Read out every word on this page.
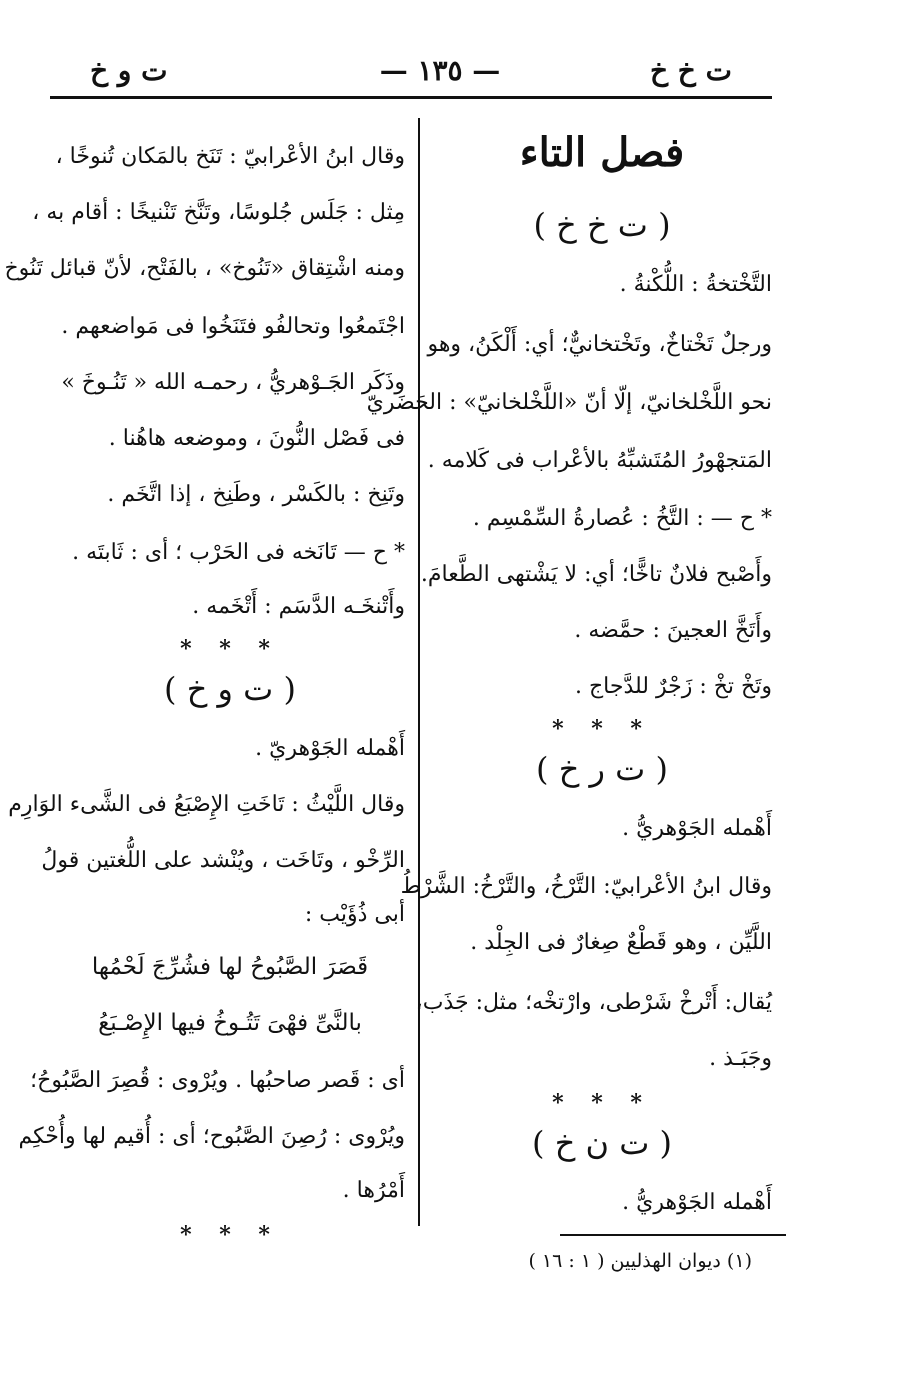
ت خ خ
— ١٣٥ —
ت و خ
فصل التاء
( ت خ خ )
التَّخْتخةُ : اللُّكْنةُ .
ورجلٌ تَخْتاخٌ، وتَخْتخانيٌّ؛ أي: أَلْكَنُ، وهو
نحو اللَّخْلخانيّ، إلّا أنّ «اللَّخْلخانيّ» : الحَضَريّ
المَتجهْورُ المُتَشبِّهُ بالأعْراب فى كَلامه .
* ح — : التَّخُ : عُصارةُ السِّمْسِم .
وأَصْبح فلانٌ تاخًّا؛ أي: لا يَشْتهى الطَّعامَ.
وأَتَخَّ العجينَ : حمَّضه .
وتَخْ تخْ : زَجْرٌ للدَّجاج .
* * *
( ت ر خ )
أَهْمله الجَوْهريُّ .
وقال ابنُ الأعْرابيّ: التَّرْخُ، والتَّرْخُ: الشَّرْطُ
اللَّيِّن ، وهو قَطْعٌ صِغارٌ فى الجِلْد .
يُقال: أَتْرخْ شَرْطى، وارْتخْه؛ مثل: جَذَب،
وجَبَـذ .
* * *
( ت ن خ )
أَهْمله الجَوْهريُّ .
وقال ابنُ الأعْرابيّ : تَنَخ بالمَكان تُنوخًا ،
مِثل : جَلَس جُلوسًا، وتَنَّخ تَنْنيخًا : أقام به ،
ومنه اشْتِقاق «تَنُوخ» ، بالفَتْح، لأنّ قبائل تَنُوخ
اجْتَمعُوا وتحالفُو فتَنَخُوا فى مَواضعهم .
وذَكَر الجَـوْهريُّ ، رحمـه الله « تَنُـوخَ »
فى فَصْل النُّونَ ، وموضعه هاهُنا .
وتَنِخ : بالكَسْر ، وطَنِخ ، إذا اتَّخَم .
* ح — تَانَخه فى الحَرْب ؛ أى : ثَابتَه .
وأَتْنخَـه الدَّسَم : أَتْخَمه .
* * *
( ت و خ )
أَهْمله الجَوْهريّ .
وقال اللَّيْثُ : تَاخَتِ الإِصْبَعُ فى الشَّىء الوَارِم
الرِّخْو ، وتَاخَت ، ويُنْشد على اللُّغتين قولُ
أبى ذُؤَيْب :
قَصَرَ الصَّبُوحُ لها فشُرِّجَ لَحْمُها
بالنَّىِّ فهْىَ تَتُـوخُ فيها الإِصْـبَعُ
أى : قَصر صاحبُها . ويُرْوى : قُصِرَ الصَّبُوحُ؛
ويُرْوى : رُصِنَ الصَّبُوح؛ أى : أُقيم لها وأُحْكِم
أَمْرُها .
* * *
(١) ديوان الهذليين ( ١ : ١٦ )
